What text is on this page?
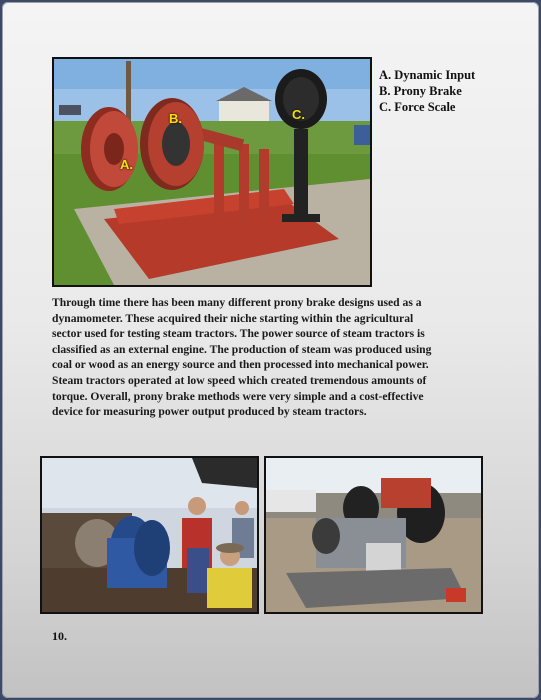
A.
B.	C.
A. Dynamic Input
B. Prony Brake
C. Force Scale
Through time there has been many different prony brake designs used as a
dynamometer. These acquired their niche starting within the agricultural
sector used for testing steam tractors. The power source of steam tractors is
classified as an external engine. The production of steam was produced using
coal or wood as an energy source and then processed into mechanical power.
Steam tractors operated at low speed which created tremendous amounts of
torque. Overall, prony brake methods were very simple and a cost-effective
device for measuring power output produced by steam tractors.
10.
